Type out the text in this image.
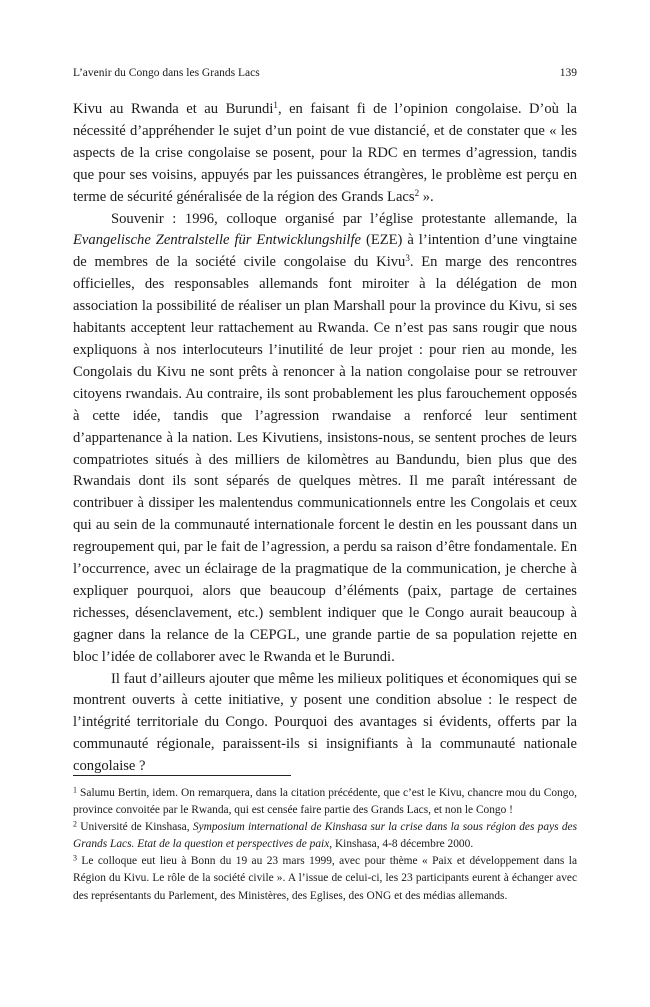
L’avenir du Congo dans les Grands Lacs	139

Kivu au Rwanda et au Burundi$^1$, en faisant fi de l’opinion congolaise. D’où la nécessité d’appréhender le sujet d’un point de vue distancié, et de constater que « les aspects de la crise congolaise se posent, pour la RDC en termes d’agression, tandis que pour ses voisins, appuyés par les puissances étrangères, le problème est perçu en terme de sécurité généralisée de la région des Grands Lacs$^2$ ».

Souvenir : 1996, colloque organisé par l’église protestante allemande, la Evangelische Zentralstelle für Entwicklungshilfe (EZE) à l’intention d’une vingtaine de membres de la société civile congolaise du Kivu$^3$. En marge des rencontres officielles, des responsables allemands font miroiter à la délégation de mon association la possibilité de réaliser un plan Marshall pour la province du Kivu, si ses habitants acceptent leur rattachement au Rwanda. Ce n’est pas sans rougir que nous expliquons à nos interlocuteurs l’inutilité de leur projet : pour rien au monde, les Congolais du Kivu ne sont prêts à renoncer à la nation congolaise pour se retrouver citoyens rwandais. Au contraire, ils sont probablement les plus farouchement opposés à cette idée, tandis que l’agression rwandaise a renforcé leur sentiment d’appartenance à la nation. Les Kivutiens, insistons-nous, se sentent proches de leurs compatriotes situés à des milliers de kilomètres au Bandundu, bien plus que des Rwandais dont ils sont séparés de quelques mètres. Il me paraît intéressant de contribuer à dissiper les malentendus communicationnels entre les Congolais et ceux qui au sein de la communauté internationale forcent le destin en les poussant dans un regroupement qui, par le fait de l’agression, a perdu sa raison d’être fondamentale. En l’occurrence, avec un éclairage de la pragmatique de la communication, je cherche à expliquer pourquoi, alors que beaucoup d’éléments (paix, partage de certaines richesses, désenclavement, etc.) semblent indiquer que le Congo aurait beaucoup à gagner dans la relance de la CEPGL, une grande partie de sa population rejette en bloc l’idée de collaborer avec le Rwanda et le Burundi.

Il faut d’ailleurs ajouter que même les milieux politiques et économiques qui se montrent ouverts à cette initiative, y posent une condition absolue : le respect de l’intégrité territoriale du Congo. Pourquoi des avantages si évidents, offerts par la communauté régionale, paraissent-ils si insignifiants à la communauté nationale congolaise ?

$^1$ Salumu Bertin, idem. On remarquera, dans la citation précédente, que c’est le Kivu, chancre mou du Congo, province convoitée par le Rwanda, qui est censée faire partie des Grands Lacs, et non le Congo !

$^2$ Université de Kinshasa, Symposium international de Kinshasa sur la crise dans la sous région des pays des Grands Lacs. Etat de la question et perspectives de paix, Kinshasa, 4-8 décembre 2000.

$^3$ Le colloque eut lieu à Bonn du 19 au 23 mars 1999, avec pour thème « Paix et développement dans la Région du Kivu. Le rôle de la société civile ». A l’issue de celui-ci, les 23 participants eurent à échanger avec des représentants du Parlement, des Ministères, des Eglises, des ONG et des médias allemands.
